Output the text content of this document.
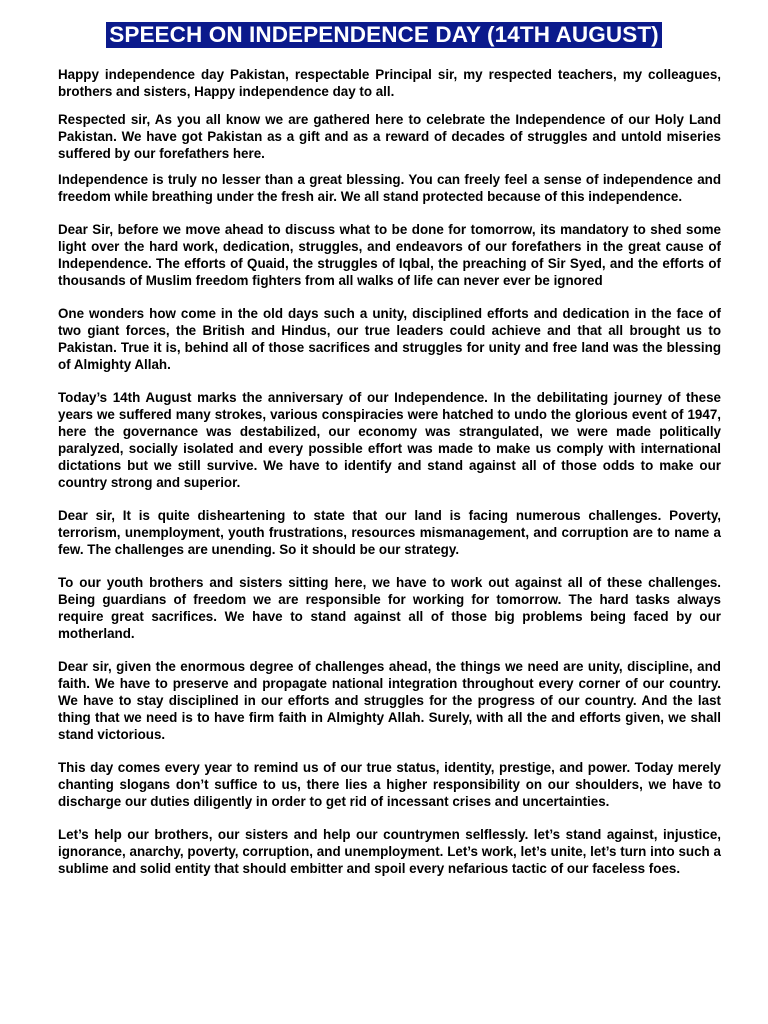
SPEECH ON INDEPENDENCE DAY (14TH AUGUST)

Happy independence day Pakistan, respectable Principal sir, my respected teachers, my colleagues, brothers and sisters, Happy independence day to all.

Respected sir, As you all know we are gathered here to celebrate the Independence of our Holy Land Pakistan. We have got Pakistan as a gift and as a reward of decades of struggles and untold miseries suffered by our forefathers here.

Independence is truly no lesser than a great blessing. You can freely feel a sense of independence and freedom while breathing under the fresh air. We all stand protected because of this independence.

Dear Sir, before we move ahead to discuss what to be done for tomorrow, its mandatory to shed some light over the hard work, dedication, struggles, and endeavors of our forefathers in the great cause of Independence. The efforts of Quaid, the struggles of Iqbal, the preaching of Sir Syed, and the efforts of thousands of Muslim freedom fighters from all walks of life can never ever be ignored

One wonders how come in the old days such a unity, disciplined efforts and dedication in the face of two giant forces, the British and Hindus, our true leaders could achieve and that all brought us to Pakistan. True it is, behind all of those sacrifices and struggles for unity and free land was the blessing of Almighty Allah.

Today’s 14th August marks the anniversary of our Independence. In the debilitating journey of these years we suffered many strokes, various conspiracies were hatched to undo the glorious event of 1947, here the governance was destabilized, our economy was strangulated, we were made politically paralyzed, socially isolated and every possible effort was made to make us comply with international dictations but we still survive. We have to identify and stand against all of those odds to make our country strong and superior.

Dear sir, It is quite disheartening to state that our land is facing numerous challenges. Poverty, terrorism, unemployment, youth frustrations, resources mismanagement, and corruption are to name a few. The challenges are unending. So it should be our strategy.

To our youth brothers and sisters sitting here, we have to work out against all of these challenges. Being guardians of freedom we are responsible for working for tomorrow. The hard tasks always require great sacrifices. We have to stand against all of those big problems being faced by our motherland.

Dear sir, given the enormous degree of challenges ahead, the things we need are unity, discipline, and faith. We have to preserve and propagate national integration throughout every corner of our country. We have to stay disciplined in our efforts and struggles for the progress of our country. And the last thing that we need is to have firm faith in Almighty Allah. Surely, with all the and efforts given, we shall stand victorious.

This day comes every year to remind us of our true status, identity, prestige, and power. Today merely chanting slogans don’t suffice to us, there lies a higher responsibility on our shoulders, we have to discharge our duties diligently in order to get rid of incessant crises and uncertainties.

Let’s help our brothers, our sisters and help our countrymen selflessly. let’s stand against, injustice, ignorance, anarchy, poverty, corruption, and unemployment. Let’s work, let’s unite, let’s turn into such a sublime and solid entity that should embitter and spoil every nefarious tactic of our faceless foes.
